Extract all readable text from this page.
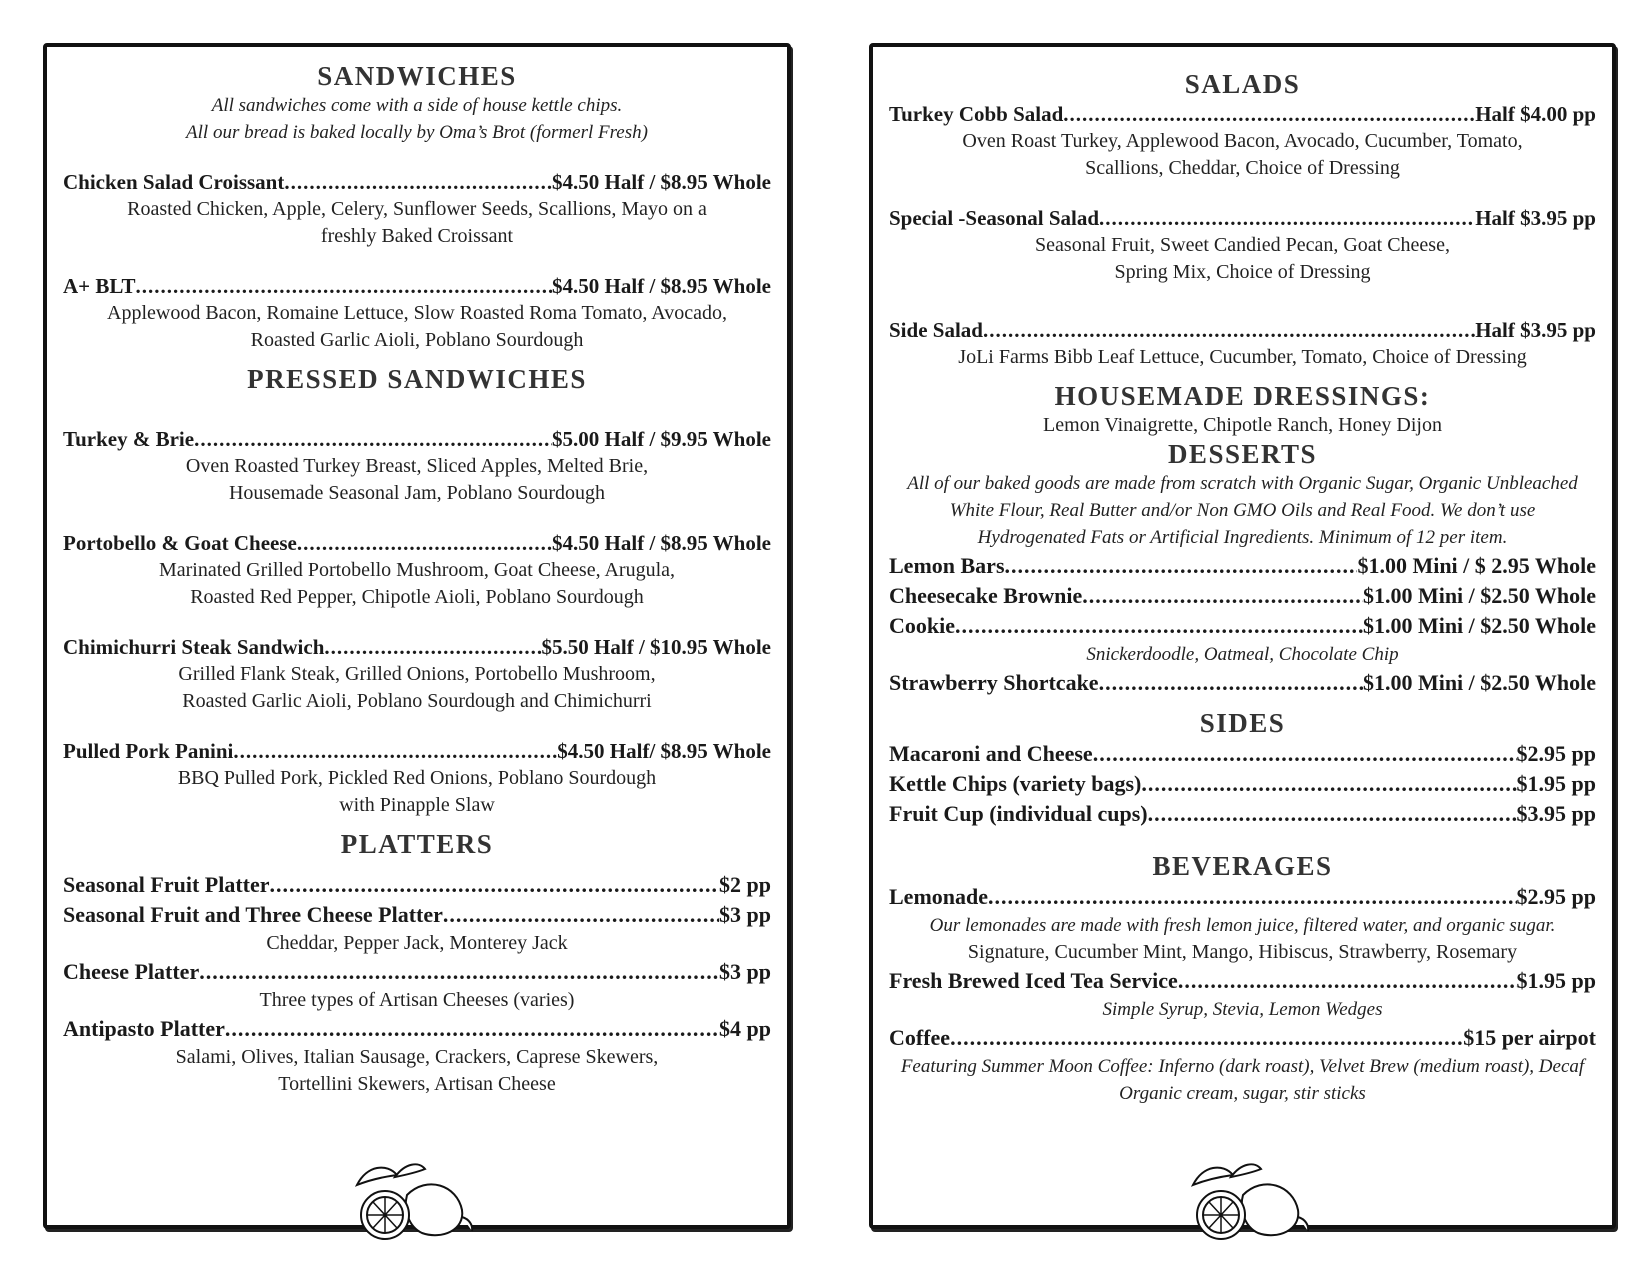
SANDWICHES
All sandwiches come with a side of house kettle chips.
All our bread is baked locally by Oma’s Brot (formerl Fresh)
Chicken Salad Croissant .....	$4.50 Half / $8.95 Whole
Roasted Chicken, Apple, Celery, Sunflower Seeds, Scallions, Mayo on a
freshly Baked Croissant
A+ BLT .....	$4.50 Half / $8.95 Whole
Applewood Bacon, Romaine Lettuce, Slow Roasted Roma Tomato, Avocado,
Roasted Garlic Aioli, Poblano Sourdough
PRESSED SANDWICHES
Turkey & Brie .....	$5.00 Half / $9.95 Whole
Oven Roasted Turkey Breast, Sliced Apples, Melted Brie,
Housemade Seasonal Jam, Poblano Sourdough
Portobello & Goat Cheese .....	$4.50 Half / $8.95 Whole
Marinated Grilled Portobello Mushroom, Goat Cheese, Arugula,
Roasted Red Pepper, Chipotle Aioli, Poblano Sourdough
Chimichurri Steak Sandwich .....	$5.50 Half / $10.95 Whole
Grilled Flank Steak, Grilled Onions, Portobello Mushroom,
Roasted Garlic Aioli, Poblano Sourdough and Chimichurri
Pulled Pork Panini .....	$4.50 Half/ $8.95 Whole
BBQ Pulled Pork, Pickled Red Onions, Poblano Sourdough
with Pinapple Slaw
PLATTERS
Seasonal Fruit Platter .....	$2 pp
Seasonal Fruit and Three Cheese Platter .....	$3 pp
Cheddar, Pepper Jack, Monterey Jack
Cheese Platter .....	$3 pp
Three types of Artisan Cheeses (varies)
Antipasto Platter .....	$4 pp
Salami, Olives, Italian Sausage, Crackers, Caprese Skewers,
Tortellini Skewers, Artisan Cheese
SALADS
Turkey Cobb Salad .....	Half $4.00 pp
Oven Roast Turkey, Applewood Bacon, Avocado, Cucumber, Tomato,
Scallions, Cheddar, Choice of Dressing
Special -Seasonal Salad .....	Half $3.95 pp
Seasonal Fruit, Sweet Candied Pecan, Goat Cheese,
Spring Mix, Choice of Dressing
Side Salad .....	Half $3.95 pp
JoLi Farms Bibb Leaf Lettuce, Cucumber, Tomato, Choice of Dressing
HOUSEMADE DRESSINGS:
Lemon Vinaigrette, Chipotle Ranch, Honey Dijon
DESSERTS
All of our baked goods are made from scratch with Organic Sugar, Organic Unbleached
White Flour, Real Butter and/or Non GMO Oils and Real Food. We don’t use
Hydrogenated Fats or Artificial Ingredients. Minimum of 12 per item.
Lemon Bars .....	$1.00 Mini / $ 2.95 Whole
Cheesecake Brownie .....	$1.00 Mini / $2.50 Whole
Cookie .....	$1.00 Mini / $2.50 Whole
Snickerdoodle, Oatmeal, Chocolate Chip
Strawberry Shortcake .....	$1.00 Mini / $2.50 Whole
SIDES
Macaroni and Cheese .....	$2.95 pp
Kettle Chips (variety bags) .....	$1.95 pp
Fruit Cup (individual cups) .....	$3.95 pp
BEVERAGES
Lemonade .....	$2.95 pp
Our lemonades are made with fresh lemon juice, filtered water, and organic sugar.
Signature, Cucumber Mint, Mango, Hibiscus, Strawberry, Rosemary
Fresh Brewed Iced Tea Service .....	$1.95 pp
Simple Syrup, Stevia, Lemon Wedges
Coffee .....	$15 per airpot
Featuring Summer Moon Coffee: Inferno (dark roast), Velvet Brew (medium roast), Decaf
Organic cream, sugar, stir sticks
